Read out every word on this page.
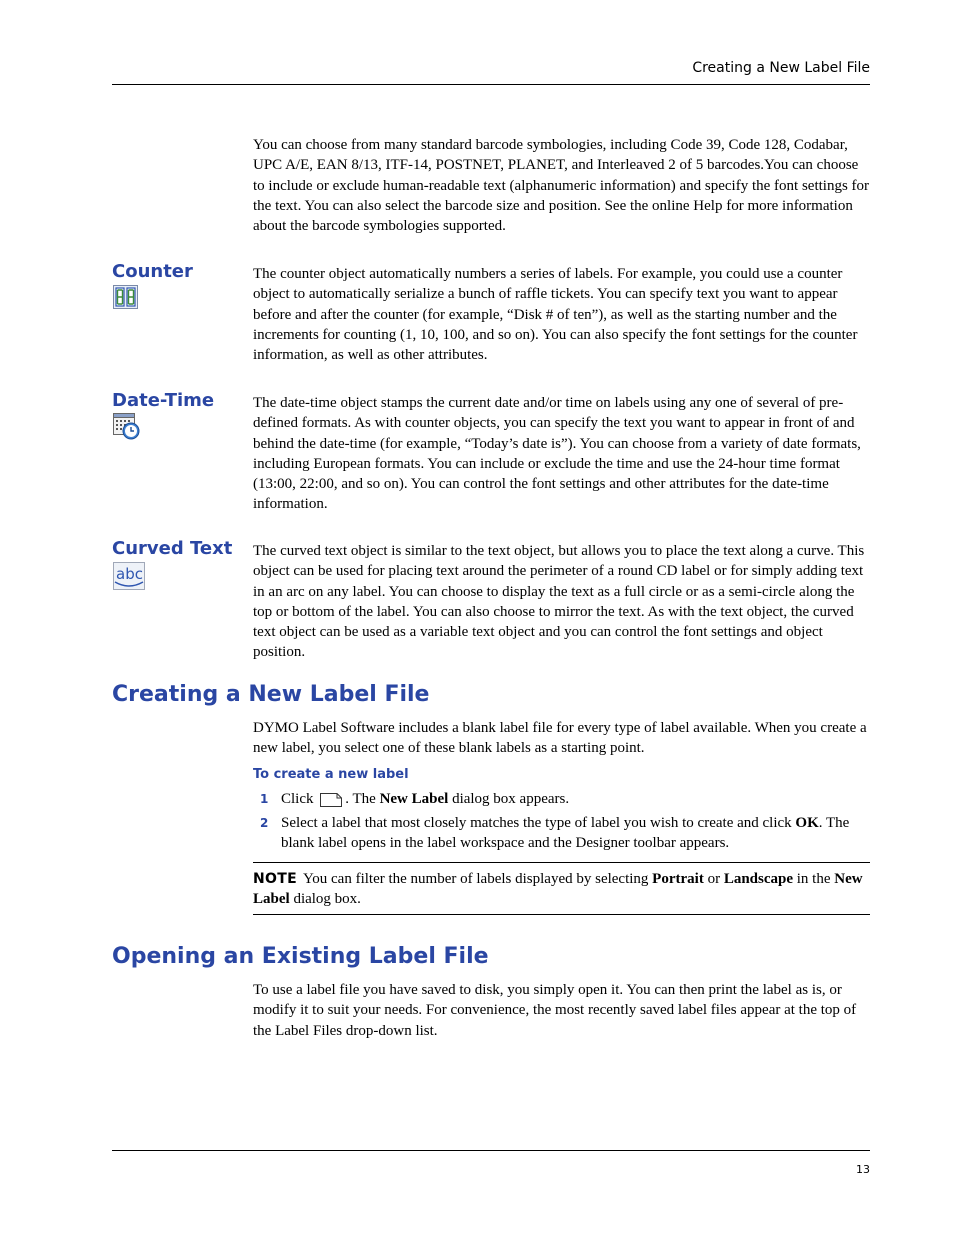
Creating a New Label File

You can choose from many standard barcode symbologies, including Code 39, Code 128, Codabar, UPC A/E, EAN 8/13, ITF-14, POSTNET, PLANET, and Interleaved 2 of 5 barcodes.You can choose to include or exclude human-readable text (alphanumeric information) and specify the font settings for the text. You can also select the barcode size and position. See the online Help for more information about the barcode symbologies supported.

Counter	The counter object automatically numbers a series of labels. For example, you could use a counter object to automatically serialize a bunch of raffle tickets. You can specify text you want to appear before and after the counter (for example, “Disk # of ten”), as well as the starting number and the increments for counting (1, 10, 100, and so on). You can also specify the font settings for the counter information, as well as other attributes.

Date-Time	The date-time object stamps the current date and/or time on labels using any one of several of pre-defined formats. As with counter objects, you can specify the text you want to appear in front of and behind the date-time (for example, “Today’s date is”). You can choose from a variety of date formats, including European formats. You can include or exclude the time and use the 24-hour time format (13:00, 22:00, and so on). You can control the font settings and other attributes for the date-time information.

Curved Text
abc

The curved text object is similar to the text object, but allows you to place the text along a curve. This object can be used for placing text around the perimeter of a round CD label or for simply adding text in an arc on any label. You can choose to display the text as a full circle or as a semi-circle along the top or bottom of the label. You can also choose to mirror the text. As with the text object, the curved text object can be used as a variable text object and you can control the font settings and object position.

Creating a New Label File

DYMO Label Software includes a blank label file for every type of label available. When you create a new label, you select one of these blank labels as a starting point.

To create a new label
1 Click . The New Label dialog box appears.
2 Select a label that most closely matches the type of label you wish to create and click OK. The blank label opens in the label workspace and the Designer toolbar appears.

NOTE You can filter the number of labels displayed by selecting Portrait or Landscape in the New Label dialog box.

Opening an Existing Label File

To use a label file you have saved to disk, you simply open it. You can then print the label as is, or modify it to suit your needs. For convenience, the most recently saved label files appear at the top of the Label Files drop-down list.

13
